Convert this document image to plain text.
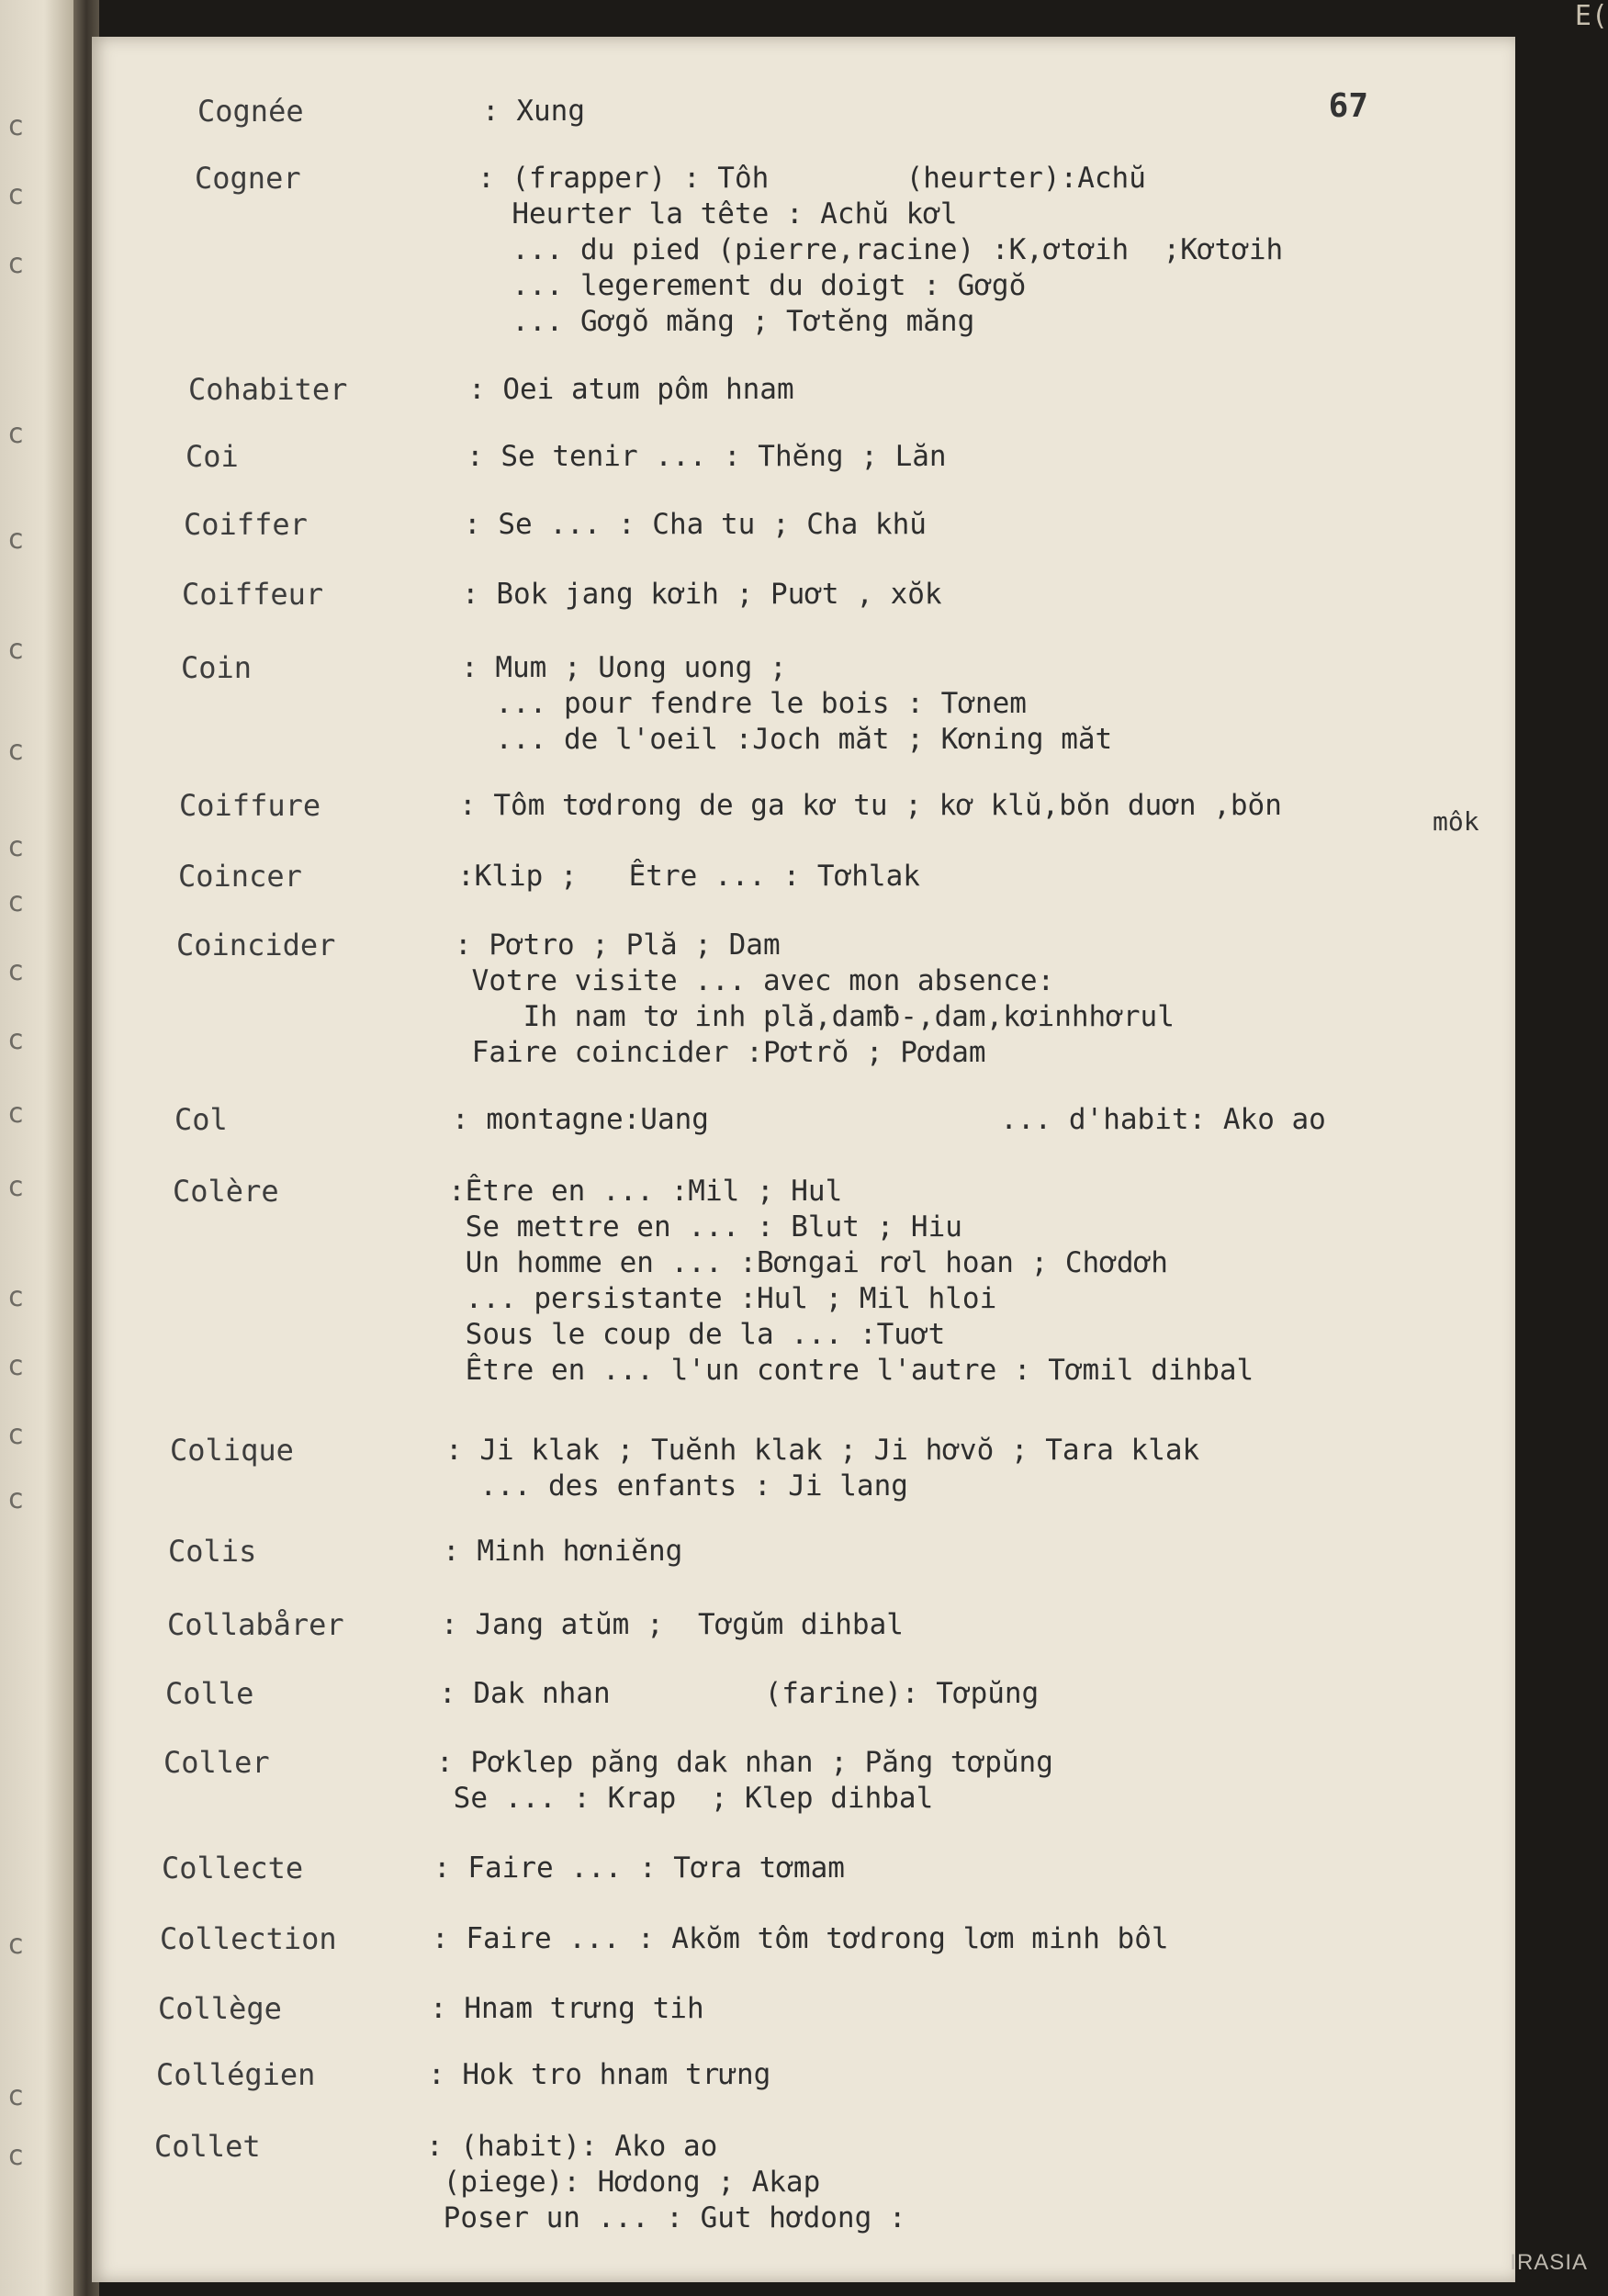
c
c
c
c
c
c
c
c
c
c
c
c
c
c
c
c
c
c
c
c
E(
67
Cognée	: Xung
Cogner	: (frapper) : Tôh        (heurter):Achŭ
Heurter la tête : Achŭ kơl
... du pied (pierre,racine) :K,ơtơih  ;Kơtơih
... legerement du doigt : Gơgŏ
... Gơgŏ măng ; Tơtĕng măng
Cohabiter	: Oei atum pôm hnam
Coi	: Se tenir ... : Thĕng ; Lăn
Coiffer	: Se ... : Cha tu ; Cha khŭ
Coiffeur	: Bok jang kơih ; Puơt , xŏk
Coin	: Mum ; Uong uong ;
... pour fendre le bois : Tơnem
... de l'oeil :Joch măt ; Kơning măt
Coiffure	: Tôm tơdrong de ga kơ tu ; kơ klŭ,bŏn duơn ,bŏn
Coincer	:Klip ;   Être ... : Tơhlak
Coincider	: Pơtro ; Plă ; Dam
Votre visite ... avec mon absence:
Ih nam tơ inh plă,damƀ-,dam,kơinhhơrul
Faire coincider :Pơtrŏ ; Pơdam
Col	: montagne:Uang                 ... d'habit: Ako ao
Colère	:Être en ... :Mil ; Hul
Se mettre en ... : Blut ; Hiu
Un homme en ... :Bơngai rơl hoan ; Chơdơh
... persistante :Hul ; Mil hloi
Sous le coup de la ... :Tuơt
Être en ... l'un contre l'autre : Tơmil dihbal
Colique	: Ji klak ; Tuĕnh klak ; Ji hơvŏ ; Tara klak
... des enfants : Ji lang
Colis	: Minh hơniĕng
Collabårer	: Jang atŭm ;  Tơgŭm dihbal
Colle	: Dak nhan         (farine): Tơpŭng
Coller	: Pơklep păng dak nhan ; Păng tơpŭng
Se ... : Krap  ; Klep dihbal
Collecte	: Faire ... : Tơra tơmam
Collection	: Faire ... : Akŏm tôm tơdrong lơm minh bôl
Collège	: Hnam trưng tih
Collégien	: Hok tro hnam trưng
Collet	: (habit): Ako ao
(piege): Hơdong ; Akap
Poser un ... : Gut hơdong :
môk
IRASIA
